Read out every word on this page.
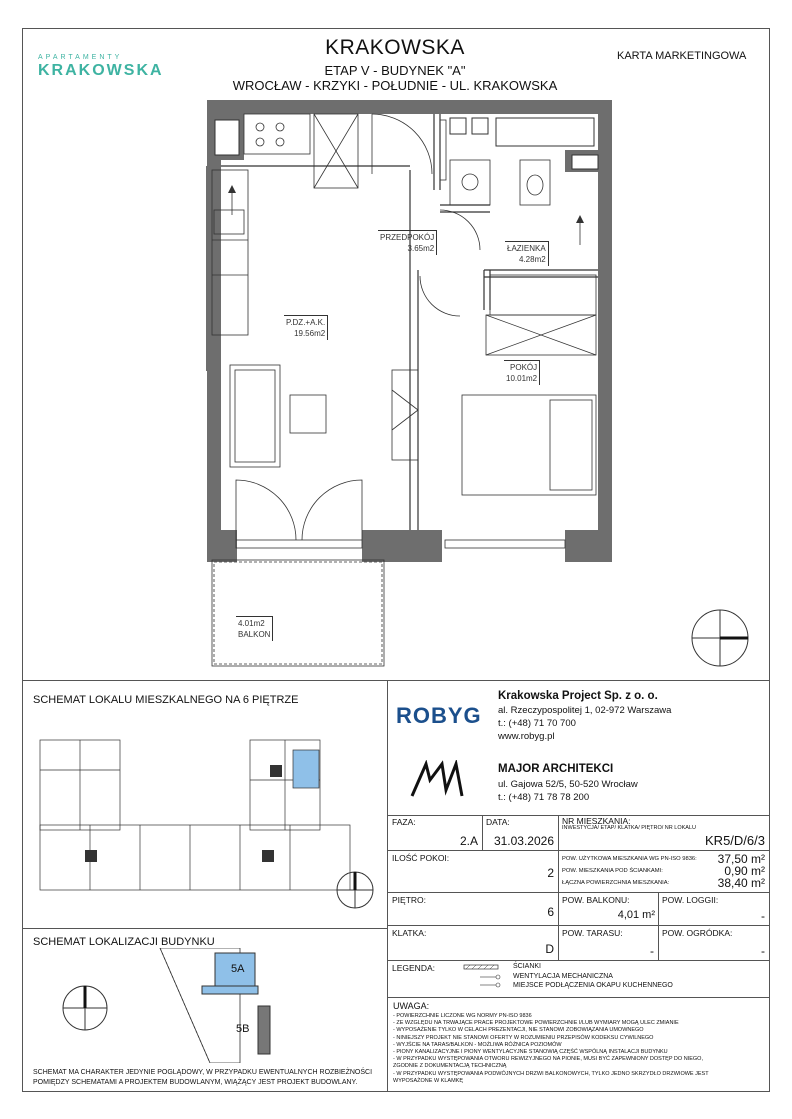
APARTAMENTY
KRAKOWSKA
KRAKOWSKA
ETAP V - BUDYNEK "A"
WROCŁAW - KRZYKI - POŁUDNIE - UL. KRAKOWSKA
KARTA MARKETINGOWA
PRZEDPOKÓJ
3.65m2	ŁAZIENKA
4.28m2
P.DZ.+A.K.
19.56m2
POKÓJ
10.01m2
4.01m2
BALKON
SCHEMAT LOKALU MIESZKALNEGO NA 6 PIĘTRZE
SCHEMAT LOKALIZACJI BUDYNKU
5A
5B
SCHEMAT MA CHARAKTER JEDYNIE POGLĄDOWY, W PRZYPADKU EWENTUALNYCH ROZBIEŻNOŚCI POMIĘDZY SCHEMATAMI A PROJEKTEM BUDOWLANYM, WIĄŻĄCY JEST PROJEKT BUDOWLANY.
ROBYG
Krakowska Project Sp. z o. o.
al. Rzeczypospolitej 1, 02-972 Warszawa
t.: (+48) 71 70 700
www.robyg.pl
MAJOR ARCHITEKCI
ul. Gajowa 52/5, 50-520 Wrocław
t.: (+48) 71 78 78 200
FAZA:
2.A
DATA:
31.03.2026
NR MIESZKANIA:
INWESTYCJA/ ETAP/ KLATKA/ PIĘTRO/ NR LOKALU
KR5/D/6/3
ILOŚĆ POKOI:
2
POW. UŻYTKOWA MIESZKANIA WG PN-ISO 9836:	37,50 m²
POW. MIESZKANIA POD ŚCIANKAMI:	0,90 m²
ŁĄCZNA POWIERZCHNIA MIESZKANIA:	38,40 m²
PIĘTRO:
6
POW. BALKONU:
4,01 m²
POW. LOGGII:
-
KLATKA:
D
POW. TARASU:
-
POW. OGRÓDKA:
-
LEGENDA:	ŚCIANKI
WENTYLACJA MECHANICZNA
MIEJSCE PODŁĄCZENIA OKAPU KUCHENNEGO
UWAGA:
- POWIERZCHNIE LICZONE WG NORMY PN-ISO 9836
- ZE WZGLĘDU NA TRWAJĄCE PRACE PROJEKTOWE POWIERZCHNIE I/LUB WYMIARY MOGĄ ULEC ZMIANIE
- WYPOSAŻENIE TYLKO W CELACH PREZENTACJI, NIE STANOWI ZOBOWIĄZANIA UMOWNEGO
- NINIEJSZY PROJEKT NIE STANOWI OFERTY W ROZUMIENIU PRZEPISÓW KODEKSU CYWILNEGO
- WYJŚCIE NA TARAS/BALKON - MOŻLIWA RÓŻNICA POZIOMÓW
- PIONY KANALIZACYJNE I PIONY WENTYLACYJNE STANOWIĄ CZĘŚĆ WSPÓLNĄ INSTALACJI BUDYNKU
- W PRZYPADKU WYSTĘPOWANIA OTWORU REWIZYJNEGO NA PIONIE, MUSI BYĆ ZAPEWNIONY DOSTĘP DO NIEGO, ZGODNIE Z DOKUMENTACJĄ TECHNICZNĄ
- W PRZYPADKU WYSTĘPOWANIA PODWÓJNYCH DRZWI BALKONOWYCH, TYLKO JEDNO SKRZYDŁO DRZWIOWE JEST WYPOSAŻONE W KLAMKĘ
